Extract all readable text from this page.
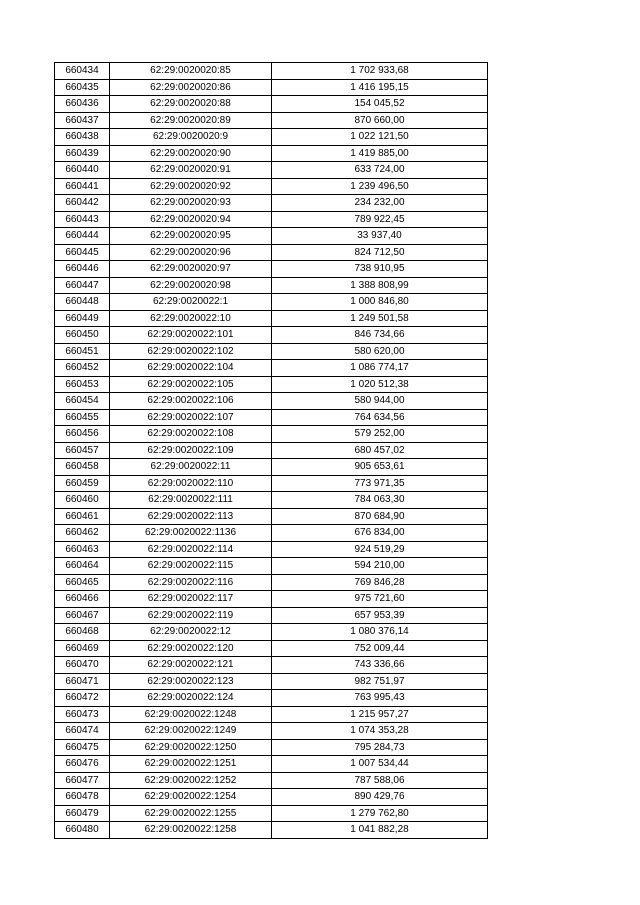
660434	62:29:0020020:85	1 702 933,68
660435	62:29:0020020:86	1 416 195,15
660436	62:29:0020020:88	154 045,52
660437	62:29:0020020:89	870 660,00
660438	62:29:0020020:9	1 022 121,50
660439	62:29:0020020:90	1 419 885,00
660440	62:29:0020020:91	633 724,00
660441	62:29:0020020:92	1 239 496,50
660442	62:29:0020020:93	234 232,00
660443	62:29:0020020:94	789 922,45
660444	62:29:0020020:95	33 937,40
660445	62:29:0020020:96	824 712,50
660446	62:29:0020020:97	738 910,95
660447	62:29:0020020:98	1 388 808,99
660448	62:29:0020022:1	1 000 846,80
660449	62:29:0020022:10	1 249 501,58
660450	62:29:0020022:101	846 734,66
660451	62:29:0020022:102	580 620,00
660452	62:29:0020022:104	1 086 774,17
660453	62:29:0020022:105	1 020 512,38
660454	62:29:0020022:106	580 944,00
660455	62:29:0020022:107	764 634,56
660456	62:29:0020022:108	579 252,00
660457	62:29:0020022:109	680 457,02
660458	62:29:0020022:11	905 653,61
660459	62:29:0020022:110	773 971,35
660460	62:29:0020022:111	784 063,30
660461	62:29:0020022:113	870 684,90
660462	62:29:0020022:1136	676 834,00
660463	62:29:0020022:114	924 519,29
660464	62:29:0020022:115	594 210,00
660465	62:29:0020022:116	769 846,28
660466	62:29:0020022:117	975 721,60
660467	62:29:0020022:119	657 953,39
660468	62:29:0020022:12	1 080 376,14
660469	62:29:0020022:120	752 009,44
660470	62:29:0020022:121	743 336,66
660471	62:29:0020022:123	982 751,97
660472	62:29:0020022:124	763 995,43
660473	62:29:0020022:1248	1 215 957,27
660474	62:29:0020022:1249	1 074 353,28
660475	62:29:0020022:1250	795 284,73
660476	62:29:0020022:1251	1 007 534,44
660477	62:29:0020022:1252	787 588,06
660478	62:29:0020022:1254	890 429,76
660479	62:29:0020022:1255	1 279 762,80
660480	62:29:0020022:1258	1 041 882,28
